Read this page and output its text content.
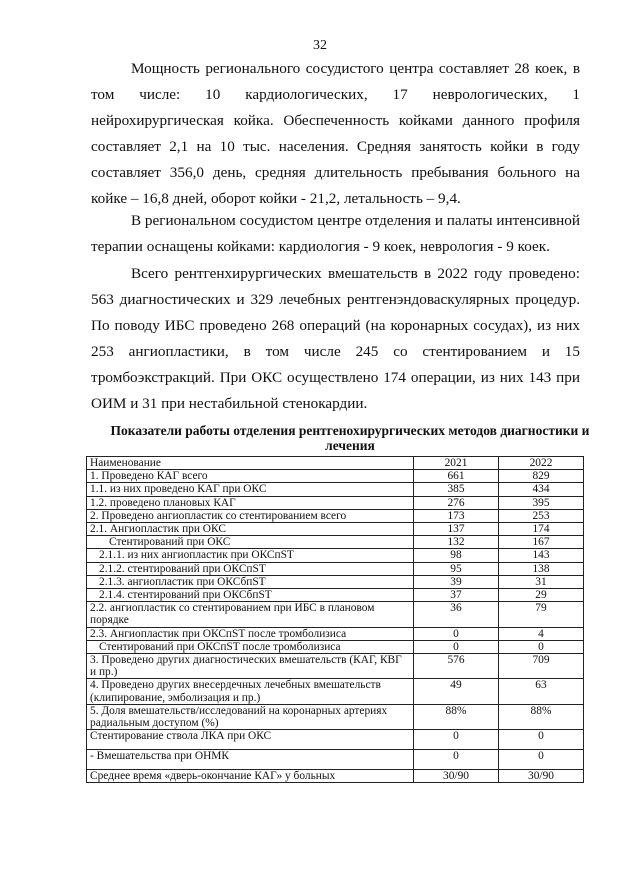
32

Мощность регионального сосудистого центра составляет 28 коек, в том числе: 10 кардиологических, 17 неврологических, 1 нейрохирургическая койка. Обеспеченность койками данного профиля составляет 2,1 на 10 тыс. населения. Средняя занятость койки в году составляет 356,0 день, средняя длительность пребывания больного на койке – 16,8 дней, оборот койки - 21,2, летальность – 9,4.

В региональном сосудистом центре отделения и палаты интенсивной терапии оснащены койками: кардиология - 9 коек, неврология - 9 коек.

Всего рентгенхирургических вмешательств в 2022 году проведено: 563 диагностических и 329 лечебных рентгенэндоваскулярных процедур. По поводу ИБС проведено 268 операций (на коронарных сосудах), из них 253 ангиопластики, в том числе 245 со стентированием и 15 тромбоэкстракций. При ОКС осуществлено 174 операции, из них 143 при ОИМ и 31 при нестабильной стенокардии.

Показатели работы отделения рентгенохирургических методов диагностики и лечения
Наименование	2021	2022
1. Проведено КАГ всего	661	829
1.1. из них проведено КАГ при ОКС	385	434
1.2. проведено плановых КАГ	276	395
2. Проведено ангиопластик со стентированием всего	173	253
2.1. Ангиопластик при ОКС	137	174
Стентирований при ОКС	132	167
2.1.1. из них ангиопластик при ОКСпST	98	143
2.1.2. стентирований при ОКСпST	95	138
2.1.3. ангиопластик при ОКСбпST	39	31
2.1.4. стентирований при ОКСбпST	37	29
2.2. ангиопластик со стентированием при ИБС в плановом порядке	36	79
2.3. Ангиопластик при ОКСпST после тромболизиса	0	4
Стентирований при ОКСпST после тромболизиса	0	0
3. Проведено других диагностических вмешательств (КАГ, КВГ и пр.)	576	709
4. Проведено других внесердечных лечебных вмешательств (клипирование, эмболизация и пр.)	49	63
5. Доля вмешательств/исследований на коронарных артериях радиальным доступом (%)	88%	88%
Стентирование ствола ЛКА при ОКС	0	0
- Вмешательства при ОНМК	0	0
Среднее время «дверь-окончание КАГ» у больных	30/90	30/90
